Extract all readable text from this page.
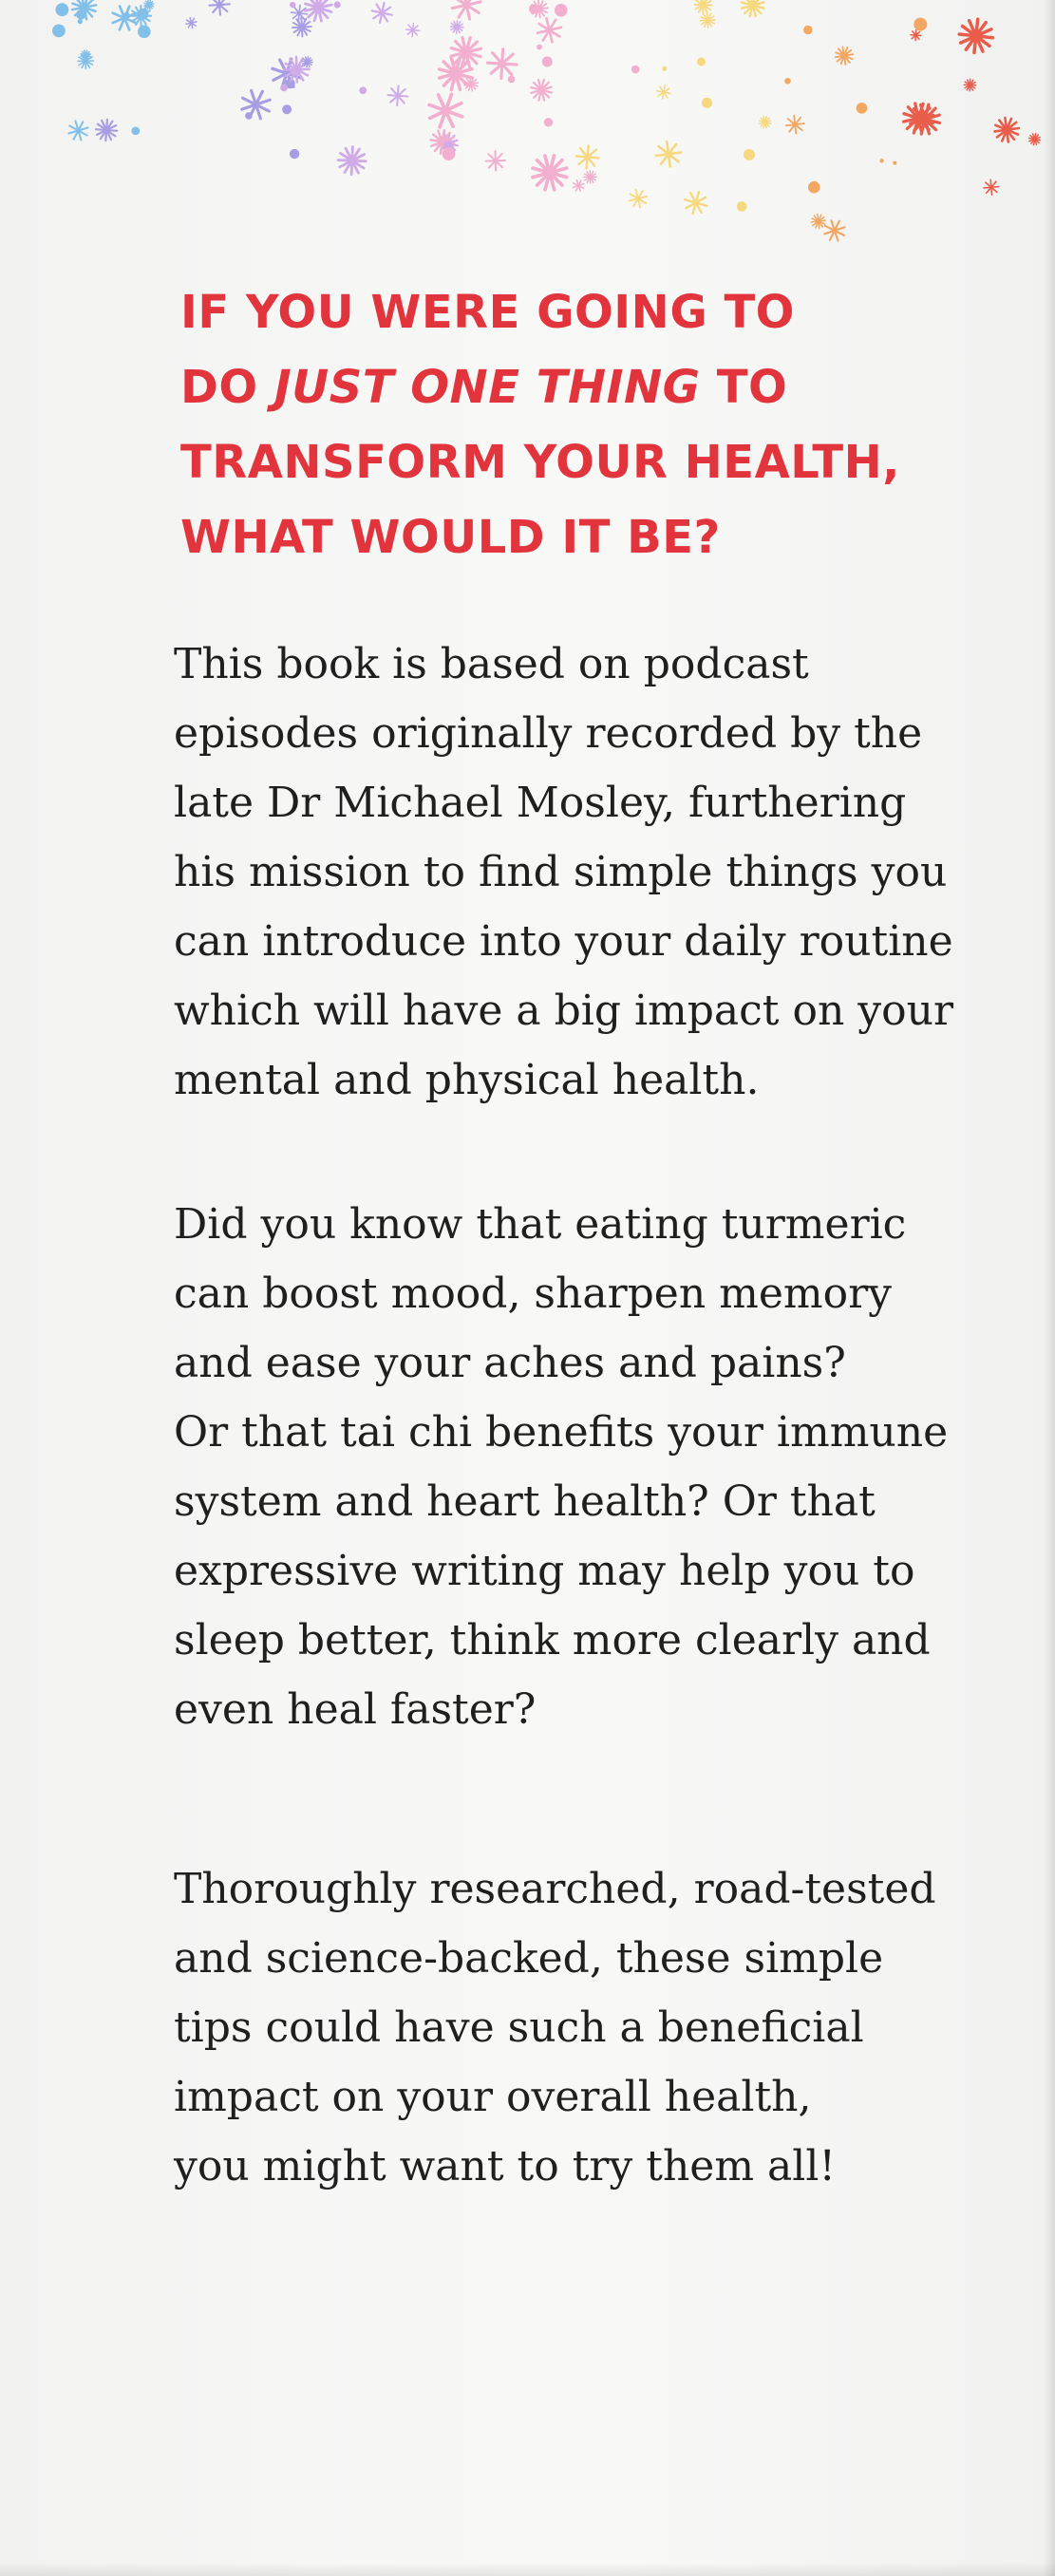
IF YOU WERE GOING TO
DO JUST ONE THING TO
TRANSFORM YOUR HEALTH,
WHAT WOULD IT BE?

This book is based on podcast
episodes originally recorded by the
late Dr Michael Mosley, furthering
his mission to find simple things you
can introduce into your daily routine
which will have a big impact on your
mental and physical health.

Did you know that eating turmeric
can boost mood, sharpen memory
and ease your aches and pains?
Or that tai chi benefits your immune
system and heart health? Or that
expressive writing may help you to
sleep better, think more clearly and
even heal faster?

Thoroughly researched, road-tested
and science-backed, these simple
tips could have such a beneficial
impact on your overall health,
you might want to try them all!
